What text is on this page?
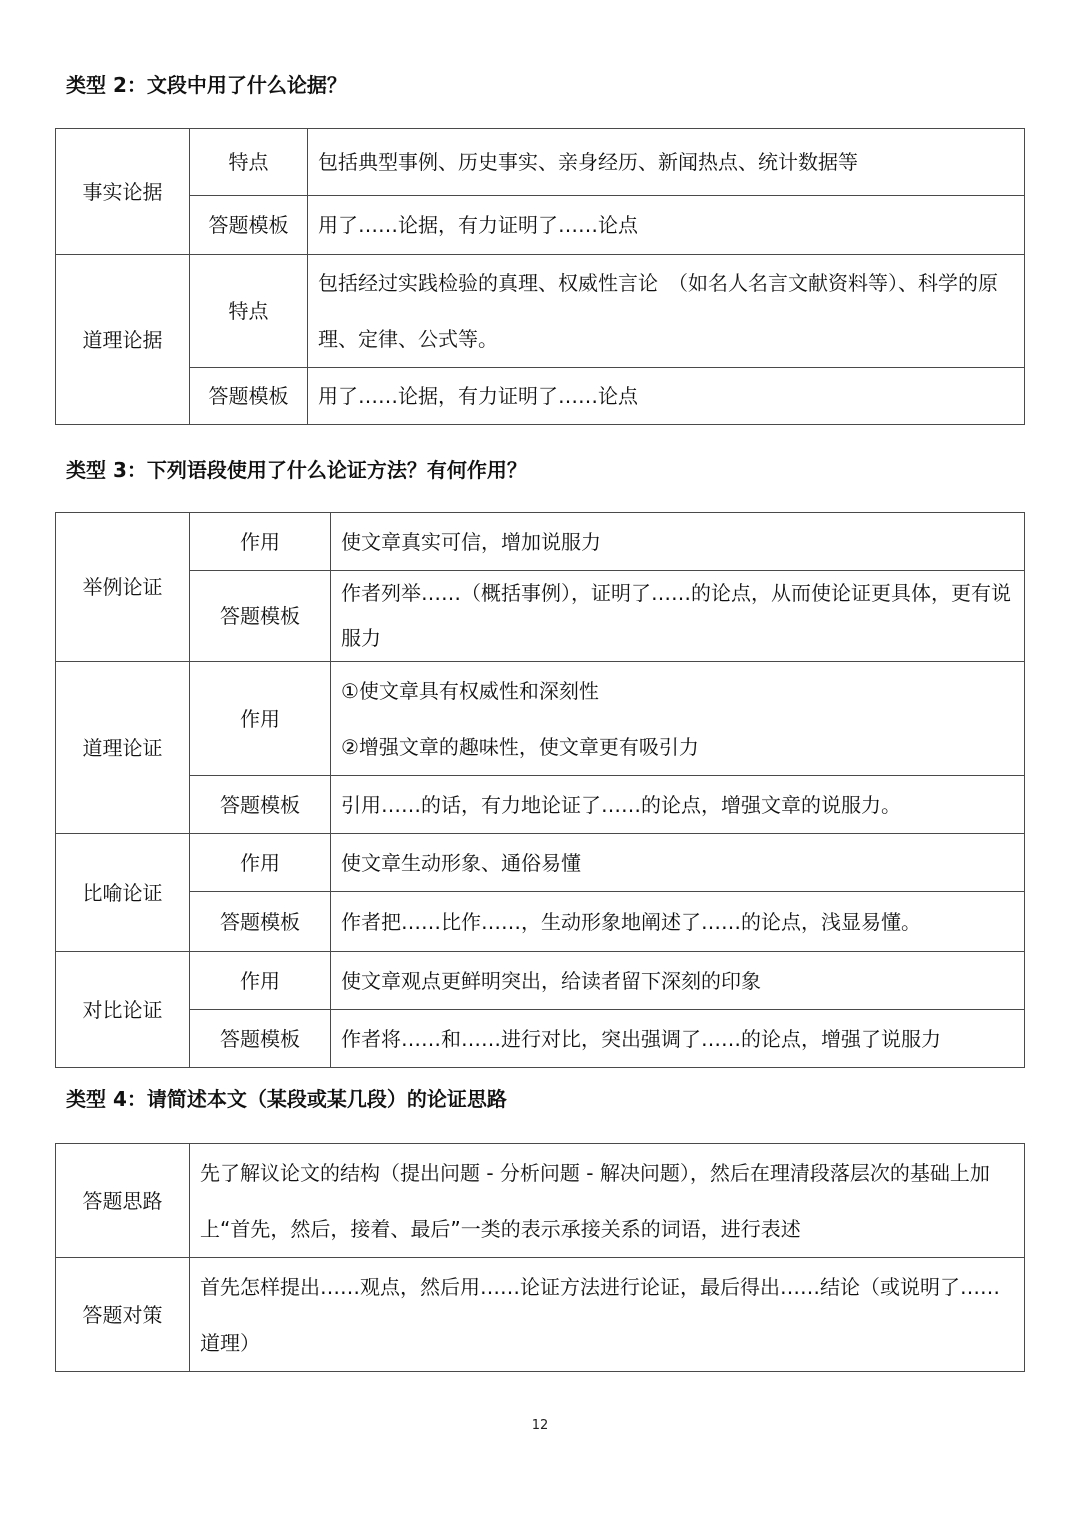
类型 2：文段中用了什么论据？
事实论据	特点	包括典型事例、历史事实、亲身经历、新闻热点、统计数据等
	答题模板	用了……论据，有力证明了……论点
道理论据	特点	包括经过实践检验的真理、权威性言论　（如名人名言文献资料等）、科学的原理、定律、公式等。
	答题模板	用了……论据，有力证明了……论点
类型 3：下列语段使用了什么论证方法？有何作用？
举例论证	作用	使文章真实可信，增加说服力
	答题模板	作者列举……（概括事例），证明了……的论点，从而使论证更具体，更有说服力
道理论证	作用	①使文章具有权威性和深刻性
②增强文章的趣味性，使文章更有吸引力

	答题模板	引用……的话，有力地论证了……的论点，增强文章的说服力。
比喻论证	作用	使文章生动形象、通俗易懂
	答题模板	作者把……比作……，生动形象地阐述了……的论点，浅显易懂。
对比论证	作用	使文章观点更鲜明突出，给读者留下深刻的印象
	答题模板	作者将……和……进行对比，突出强调了……的论点，增强了说服力
类型 4：请简述本文（某段或某几段）的论证思路
答题思路	先了解议论文的结构（提出问题 - 分析问题 - 解决问题），然后在理清段落层次的基础上加上“首先，然后，接着、最后”一类的表示承接关系的词语，进行表述
答题对策	首先怎样提出……观点，然后用……论证方法进行论证，最后得出……结论（或说明了……道理）
12
